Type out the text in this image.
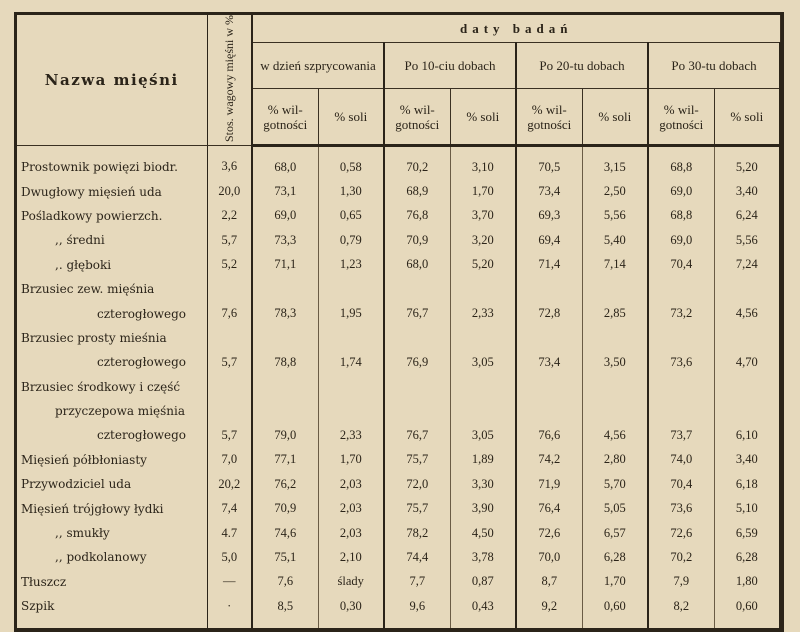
Nazwa mięśni	Stos. wagowy mięśni w %	daty badań							
		w dzień szprycowania		Po 10-ciu dobach		Po 20-tu dobach		Po 30-tu dobach	
		% wil-gotności	% soli	% wil-gotności	% soli	% wil-gotności	% soli	% wil-gotności	% soli
Prostownik powięzi biodr.	3,6	68,0	0,58	70,2	3,10	70,5	3,15	68,8	5,20
Dwugłowy mięsień uda	20,0	73,1	1,30	68,9	1,70	73,4	2,50	69,0	3,40
Pośladkowy powierzch.	2,2	69,0	0,65	76,8	3,70	69,3	5,56	68,8	6,24
,, średni	5,7	73,3	0,79	70,9	3,20	69,4	5,40	69,0	5,56
,. głęboki	5,2	71,1	1,23	68,0	5,20	71,4	7,14	70,4	7,24
Brzusiec zew. mięśnia									
czterogłowego	7,6	78,3	1,95	76,7	2,33	72,8	2,85	73,2	4,56
Brzusiec prosty mieśnia									
czterogłowego	5,7	78,8	1,74	76,9	3,05	73,4	3,50	73,6	4,70
Brzusiec środkowy i część									
przyczepowa mięśnia									
czterogłowego	5,7	79,0	2,33	76,7	3,05	76,6	4,56	73,7	6,10
Mięsień półbłoniasty	7,0	77,1	1,70	75,7	1,89	74,2	2,80	74,0	3,40
Przywodziciel uda	20,2	76,2	2,03	72,0	3,30	71,9	5,70	70,4	6,18
Mięsień trójgłowy łydki	7,4	70,9	2,03	75,7	3,90	76,4	5,05	73,6	5,10
,, smukły	4.7	74,6	2,03	78,2	4,50	72,6	6,57	72,6	6,59
,, podkolanowy	5,0	75,1	2,10	74,4	3,78	70,0	6,28	70,2	6,28
Tłuszcz	—	7,6	ślady	7,7	0,87	8,7	1,70	7,9	1,80
Szpik	·	8,5	0,30	9,6	0,43	9,2	0,60	8,2	0,60
